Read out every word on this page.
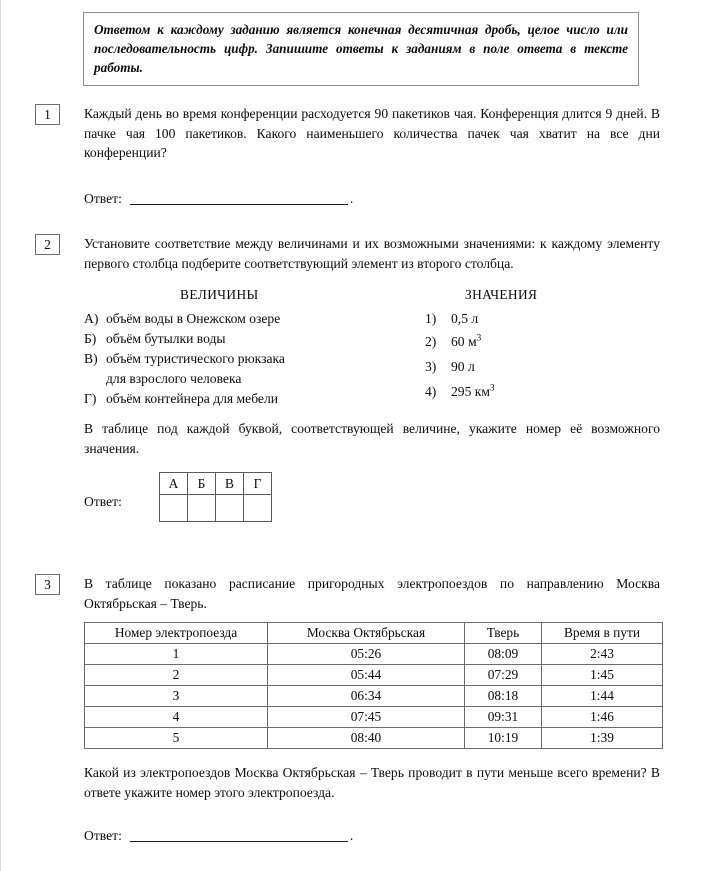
Ответом к каждому заданию является конечная десятичная дробь, целое число или последовательность цифр. Запишите ответы к заданиям в поле ответа в тексте работы.

1	Каждый день во время конференции расходуется 90 пакетиков чая. Конференция длится 9 дней. В пачке чая 100 пакетиков. Какого наименьшего количества пачек чая хватит на все дни конференции?

Ответ:	.
2	Установите соответствие между величинами и их возможными значениями: к каждому элементу первого столбца подберите соответствующий элемент из второго столбца.

ВЕЛИЧИНЫ	ЗНАЧЕНИЯ
А) объём воды в Онежском озере
Б) объём бутылки воды
В) объём туристического рюкзака
для взрослого человека
Г) объём контейнера для мебели
1)	0,5 л
2)	60 $м^3$
3)	90 л
4)	295 $км^3$

В таблице под каждой буквой, соответствующей величине, укажите номер её возможного значения.

Ответ:
А	Б	В	Г

3	В таблице показано расписание пригородных электропоездов по направлению Москва Октябрьская – Тверь.

Номер электропоезда	Москва Октябрьская	Тверь	Время в пути
1	05:26	08:09	2:43
2	05:44	07:29	1:45
3	06:34	08:18	1:44
4	07:45	09:31	1:46
5	08:40	10:19	1:39

Какой из электропоездов Москва Октябрьская – Тверь проводит в пути меньше всего времени? В ответе укажите номер этого электропоезда.

Ответ:	.
